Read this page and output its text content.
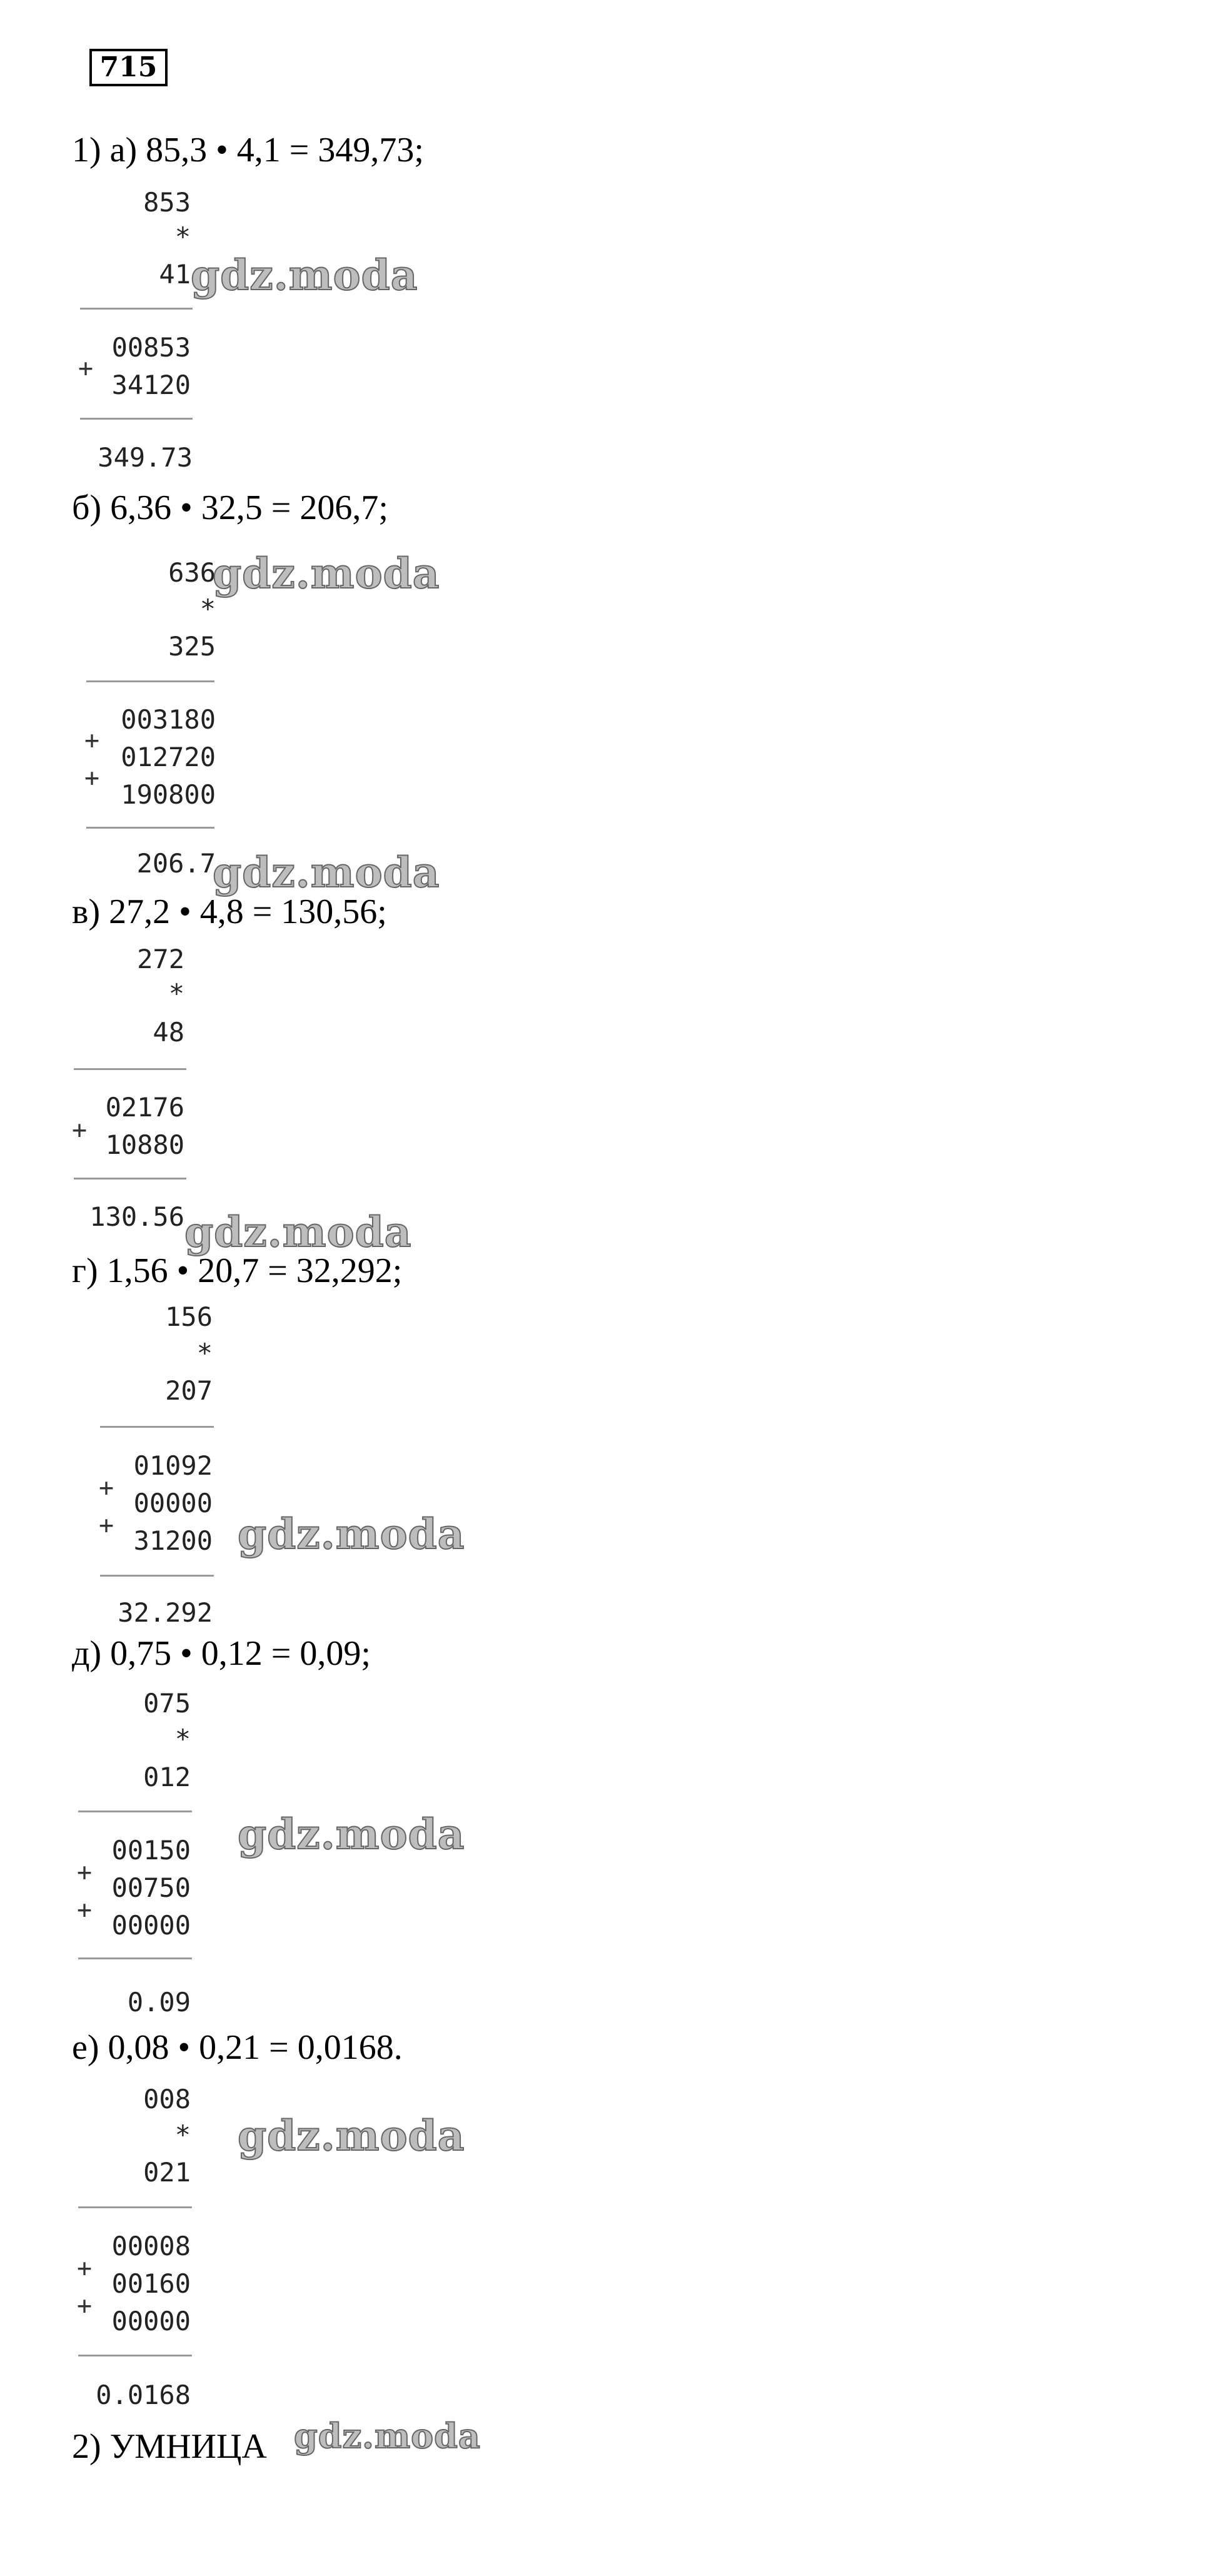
715
1) а) 85,3 • 4,1 = 349,73;

853

*

41

+

00853

34120

349.73

б) 6,36 • 32,5 = 206,7;

636

*

325

+

+

003180

012720

190800

206.7

в) 27,2 • 4,8 = 130,56;

272

*

48

+

02176

10880

130.56

г) 1,56 • 20,7 = 32,292;

156

*

207

+

+

01092

00000

31200

32.292

д) 0,75 • 0,12 = 0,09;

075

*

012

+

+

00150

00750

00000

0.09

е) 0,08 • 0,21 = 0,0168.

008

*

021

+

+

00008

00160

00000

0.0168

2) УМНИЦА
gdz.moda
gdz.moda
gdz.moda
gdz.moda
gdz.moda
gdz.moda
gdz.moda
gdz.moda
